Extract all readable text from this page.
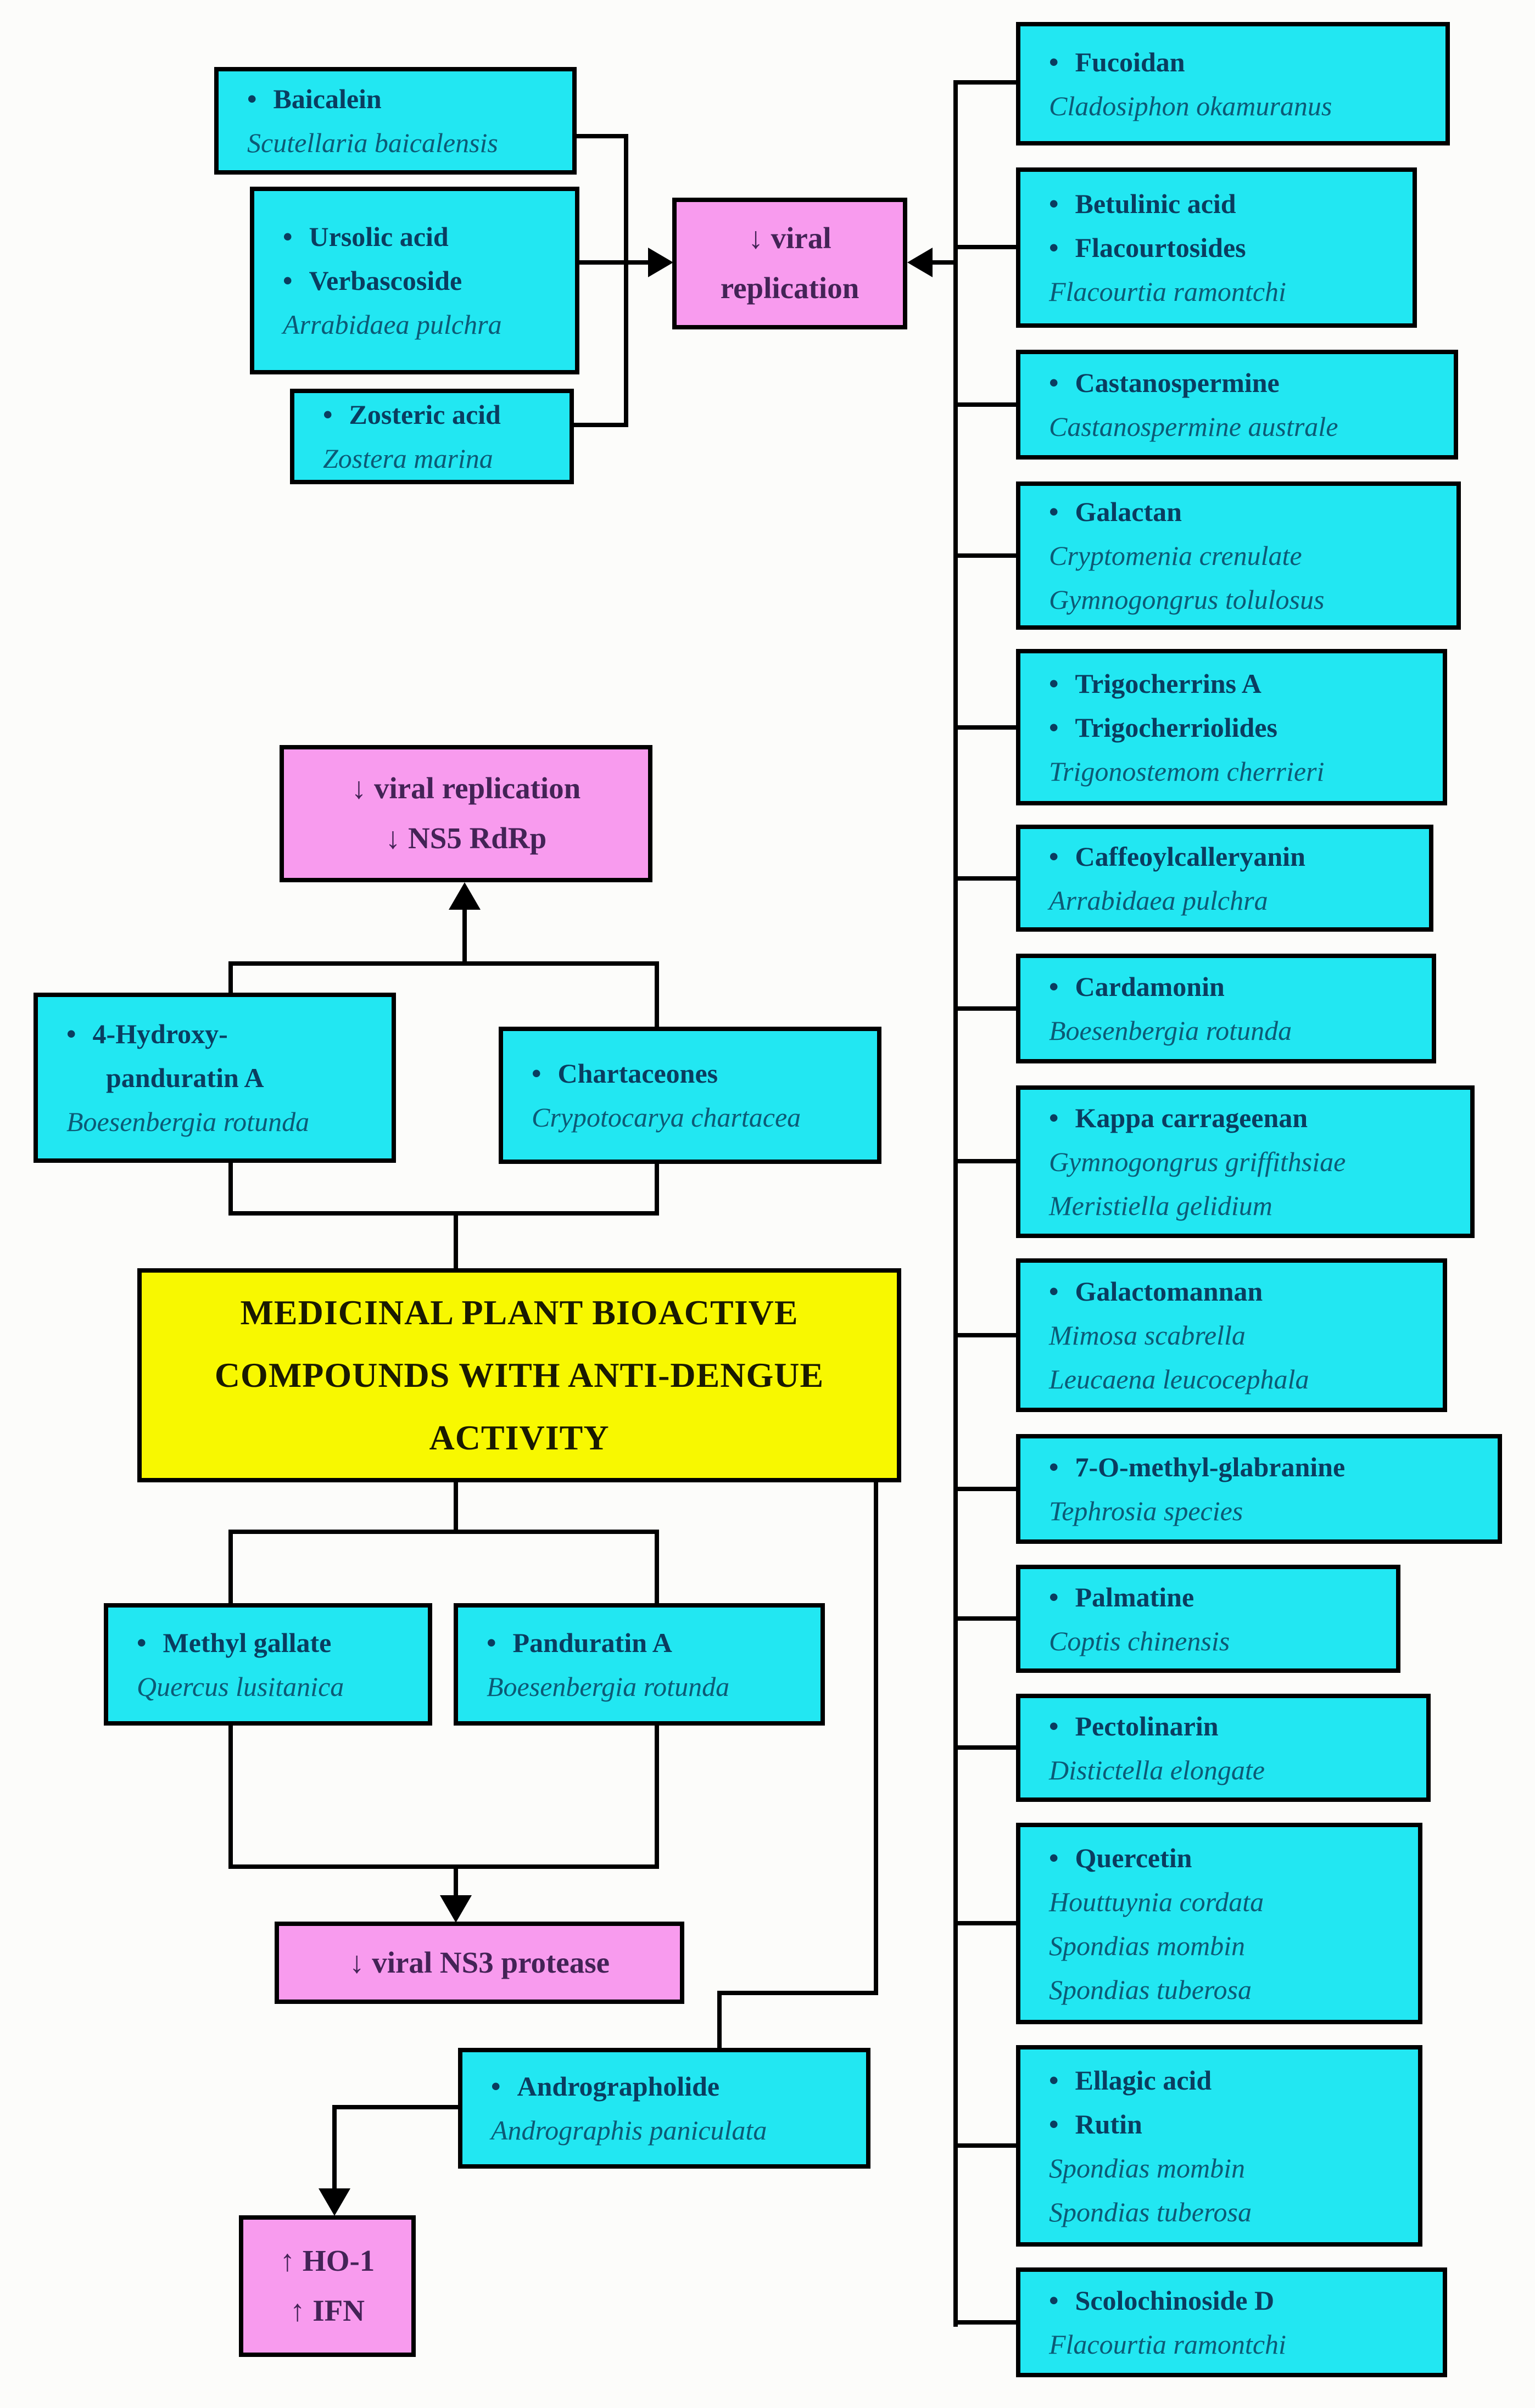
• Baicalein
Scutellaria baicalensis
• Ursolic acid
• Verbascoside
Arrabidaea pulchra
• Zosteric acid
Zostera marina
↓ viral
replication
↓ viral replication
↓ NS5 RdRp
• 4-Hydroxy-
panduratin A
Boesenbergia rotunda
• Chartaceones
Crypotocarya chartacea
MEDICINAL PLANT BIOACTIVE
COMPOUNDS WITH ANTI-DENGUE
ACTIVITY
• Methyl gallate
Quercus lusitanica
• Panduratin A
Boesenbergia rotunda
↓ viral NS3 protease
• Andrographolide
Andrographis paniculata
↑ HO-1
↑ IFN
• Fucoidan
Cladosiphon okamuranus
• Betulinic acid
• Flacourtosides
Flacourtia ramontchi
• Castanospermine
Castanospermine australe
• Galactan
Cryptomenia crenulate
Gymnogongrus tolulosus
• Trigocherrins A
• Trigocherriolides
Trigonostemom cherrieri
• Caffeoylcalleryanin
Arrabidaea pulchra
• Cardamonin
Boesenbergia rotunda
• Kappa carrageenan
Gymnogongrus griffithsiae
Meristiella gelidium
• Galactomannan
Mimosa scabrella
Leucaena leucocephala
• 7-O-methyl-glabranine
Tephrosia species
• Palmatine
Coptis chinensis
• Pectolinarin
Distictella elongate
• Quercetin
Houttuynia cordata
Spondias mombin
Spondias tuberosa
• Ellagic acid
• Rutin
Spondias mombin
Spondias tuberosa
• Scolochinoside D
Flacourtia ramontchi
